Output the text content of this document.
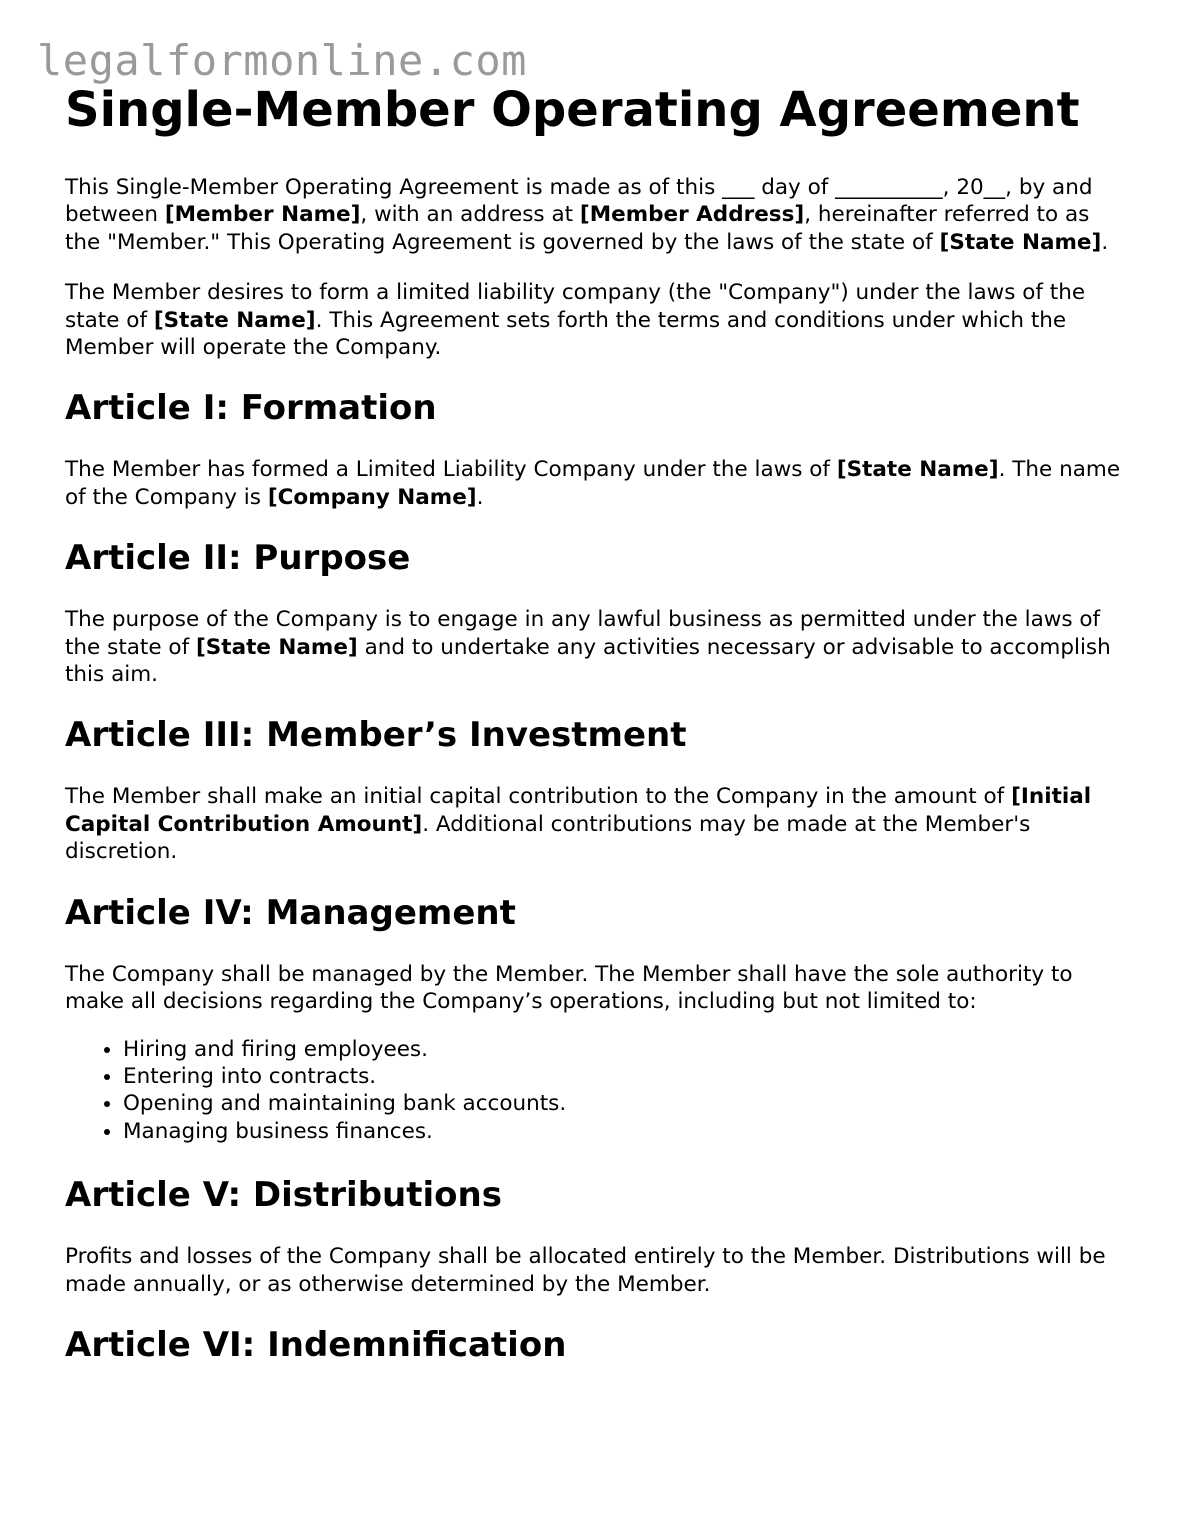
legalformonline.com
Single-Member Operating Agreement

This Single-Member Operating Agreement is made as of this ___ day of __________, 20__, by and between [Member Name], with an address at [Member Address], hereinafter referred to as the "Member." This Operating Agreement is governed by the laws of the state of [State Name].

The Member desires to form a limited liability company (the "Company") under the laws of the state of [State Name]. This Agreement sets forth the terms and conditions under which the Member will operate the Company.

Article I: Formation

The Member has formed a Limited Liability Company under the laws of [State Name]. The name of the Company is [Company Name].

Article II: Purpose

The purpose of the Company is to engage in any lawful business as permitted under the laws of the state of [State Name] and to undertake any activities necessary or advisable to accomplish this aim.

Article III: Member’s Investment

The Member shall make an initial capital contribution to the Company in the amount of [Initial Capital Contribution Amount]. Additional contributions may be made at the Member's discretion.

Article IV: Management

The Company shall be managed by the Member. The Member shall have the sole authority to make all decisions regarding the Company’s operations, including but not limited to:

• Hiring and firing employees.
• Entering into contracts.
• Opening and maintaining bank accounts.
• Managing business finances.
Article V: Distributions

Profits and losses of the Company shall be allocated entirely to the Member. Distributions will be made annually, or as otherwise determined by the Member.

Article VI: Indemnification
